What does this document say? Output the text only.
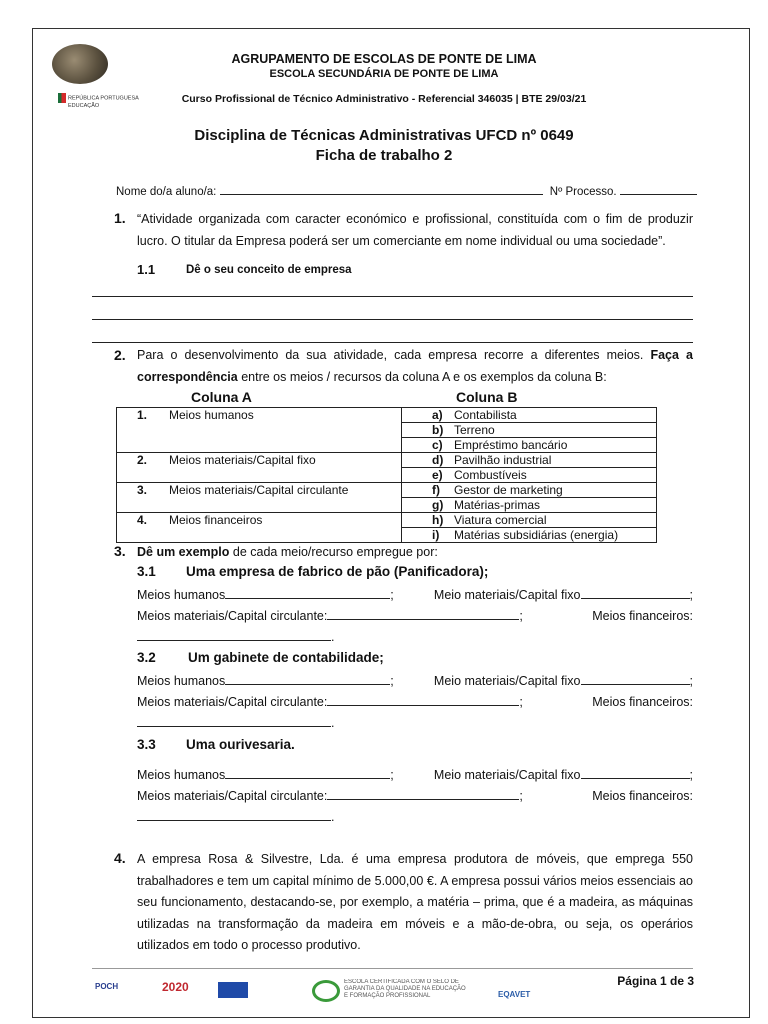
REPÚBLICA PORTUGUESA
EDUCAÇÃO
AGRUPAMENTO DE ESCOLAS DE PONTE DE LIMA
ESCOLA SECUNDÁRIA DE PONTE DE LIMA
Curso Profissional de Técnico Administrativo - Referencial 346035 | BTE 29/03/21
Disciplina de Técnicas Administrativas UFCD nº 0649
Ficha de trabalho 2
Nome do/a aluno/a:	Nº Processo.
1. “Atividade organizada com caracter económico e profissional, constituída com o fim de produzir lucro. O titular da Empresa poderá ser um comerciante em nome individual ou uma sociedade”.
1.1	Dê o seu conceito de empresa
2. Para o desenvolvimento da sua atividade, cada empresa recorre a diferentes meios. Faça a correspondência entre os meios / recursos da coluna A e os exemplos da coluna B:
Coluna A	Coluna B
1. Meios humanos	a) Contabilista
	b) Terreno
	c) Empréstimo bancário
2. Meios materiais/Capital fixo	d) Pavilhão industrial
	e) Combustíveis
3. Meios materiais/Capital circulante	f) Gestor de marketing
	g) Matérias-primas
4. Meios financeiros	h) Viatura comercial
	i) Matérias subsidiárias (energia)
3. Dê um exemplo de cada meio/recurso empregue por:
3.1 Uma empresa de fabrico de pão (Panificadora);
Meios humanos	;	Meio materiais/Capital fixo	;
Meios materiais/Capital circulante:	;	Meios financeiros:
.
3.2 Um gabinete de contabilidade;
Meios humanos	;	Meio materiais/Capital fixo	;
Meios materiais/Capital circulante:	;	Meios financeiros:
.
3.3 Uma ourivesaria.
Meios humanos	;	Meio materiais/Capital fixo	;
Meios materiais/Capital circulante:	;	Meios financeiros:
.
4. A empresa Rosa & Silvestre, Lda. é uma empresa produtora de móveis, que emprega 550 trabalhadores e tem um capital mínimo de 5.000,00 €. A empresa possui vários meios essenciais ao seu funcionamento, destacando-se, por exemplo, a matéria – prima, que é a madeira, as máquinas utilizadas na transformação da madeira em móveis e a mão-de-obra, ou seja, os operários utilizados em todo o processo produtivo.
Página 1 de 3
POCH	2020	ESCOLA CERTIFICADA COM O SELO DE GARANTIA DA QUALIDADE NA EDUCAÇÃO E FORMAÇÃO PROFISSIONAL	EQAVET
